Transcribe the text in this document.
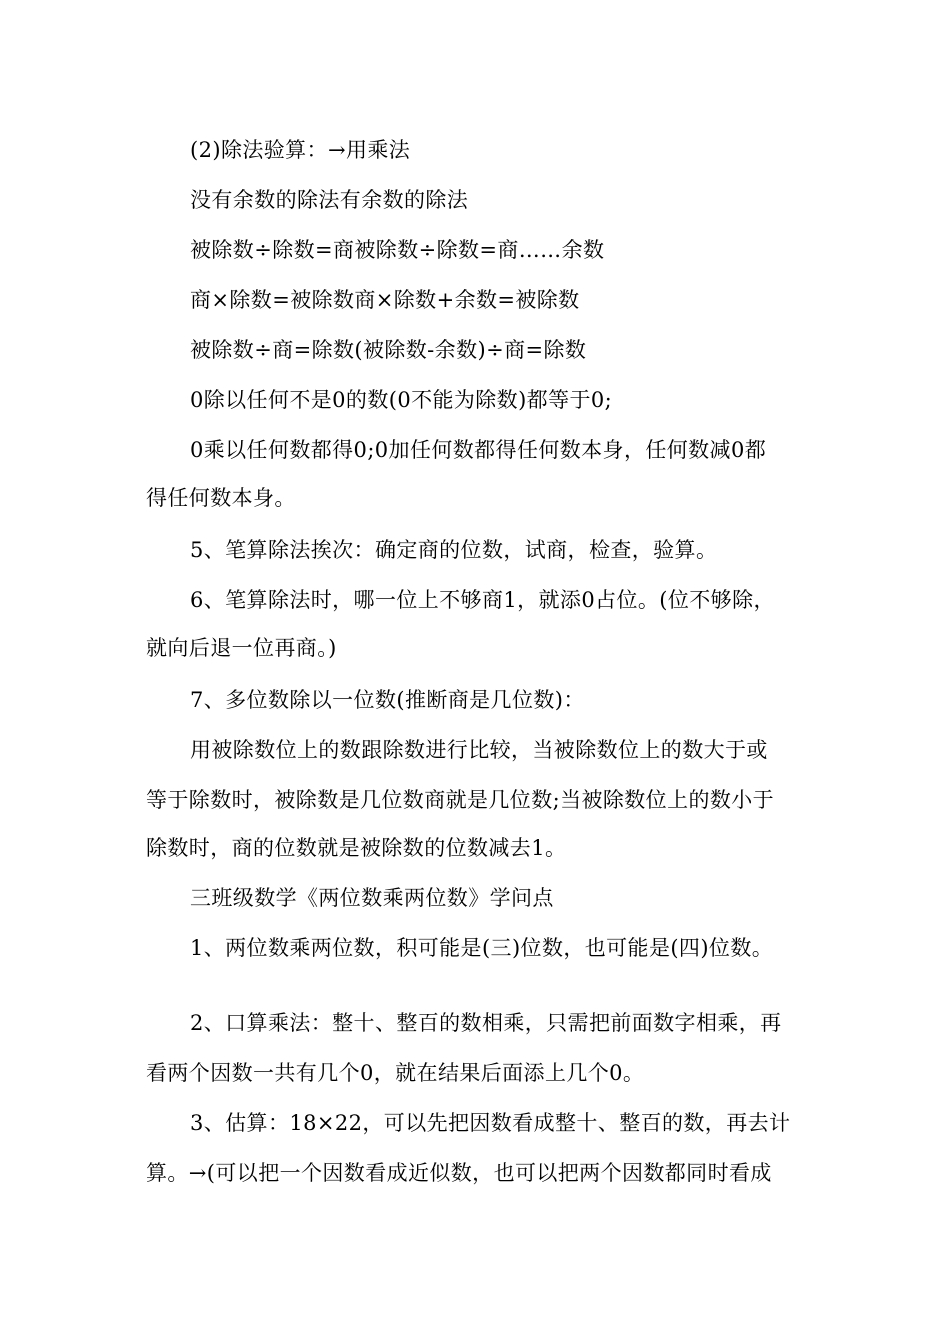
(2)除法验算：→用乘法
没有余数的除法有余数的除法
被除数÷除数=商被除数÷除数=商……余数
商×除数=被除数商×除数+余数=被除数
被除数÷商=除数(被除数-余数)÷商=除数
0除以任何不是0的数(0不能为除数)都等于0;
0乘以任何数都得0;0加任何数都得任何数本身，任何数减0都
得任何数本身。
5、笔算除法挨次：确定商的位数，试商，检查，验算。
6、笔算除法时，哪一位上不够商1，就添0占位。(位不够除，
就向后退一位再商。)
7、多位数除以一位数(推断商是几位数)：
用被除数位上的数跟除数进行比较，当被除数位上的数大于或
等于除数时，被除数是几位数商就是几位数;当被除数位上的数小于
除数时，商的位数就是被除数的位数减去1。
三班级数学《两位数乘两位数》学问点
1、两位数乘两位数，积可能是(三)位数，也可能是(四)位数。
2、口算乘法：整十、整百的数相乘，只需把前面数字相乘，再
看两个因数一共有几个0，就在结果后面添上几个0。
3、估算：18×22，可以先把因数看成整十、整百的数，再去计
算。→(可以把一个因数看成近似数，也可以把两个因数都同时看成
